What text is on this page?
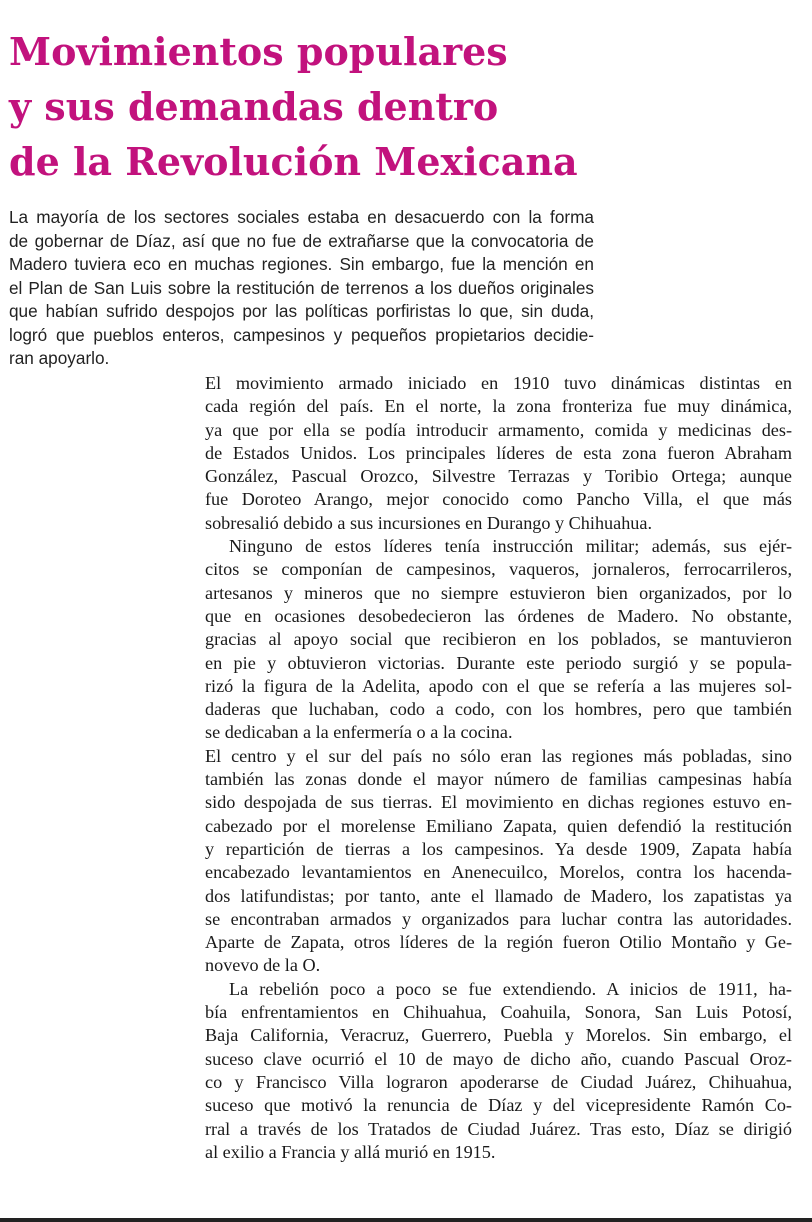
Movimientos populares
y sus demandas dentro
de la Revolución Mexicana
La mayoría de los sectores sociales estaba en desacuerdo con la forma
de gobernar de Díaz, así que no fue de extrañarse que la convocatoria de
Madero tuviera eco en muchas regiones. Sin embargo, fue la mención en
el Plan de San Luis sobre la restitución de terrenos a los dueños originales
que habían sufrido despojos por las políticas porfiristas lo que, sin duda,
logró que pueblos enteros, campesinos y pequeños propietarios decidie-
ran apoyarlo.

El movimiento armado iniciado en 1910 tuvo dinámicas distintas en
cada región del país. En el norte, la zona fronteriza fue muy dinámica,
ya que por ella se podía introducir armamento, comida y medicinas des-
de Estados Unidos. Los principales líderes de esta zona fueron Abraham
González, Pascual Orozco, Silvestre Terrazas y Toribio Ortega; aunque
fue Doroteo Arango, mejor conocido como Pancho Villa, el que más
sobresalió debido a sus incursiones en Durango y Chihuahua.

Ninguno de estos líderes tenía instrucción militar; además, sus ejér-
citos se componían de campesinos, vaqueros, jornaleros, ferrocarrileros,
artesanos y mineros que no siempre estuvieron bien organizados, por lo
que en ocasiones desobedecieron las órdenes de Madero. No obstante,
gracias al apoyo social que recibieron en los poblados, se mantuvieron
en pie y obtuvieron victorias. Durante este periodo surgió y se popula-
rizó la figura de la Adelita, apodo con el que se refería a las mujeres sol-
daderas que luchaban, codo a codo, con los hombres, pero que también
se dedicaban a la enfermería o a la cocina.

El centro y el sur del país no sólo eran las regiones más pobladas, sino
también las zonas donde el mayor número de familias campesinas había
sido despojada de sus tierras. El movimiento en dichas regiones estuvo en-
cabezado por el morelense Emiliano Zapata, quien defendió la restitución
y repartición de tierras a los campesinos. Ya desde 1909, Zapata había
encabezado levantamientos en Anenecuilco, Morelos, contra los hacenda-
dos latifundistas; por tanto, ante el llamado de Madero, los zapatistas ya
se encontraban armados y organizados para luchar contra las autoridades.
Aparte de Zapata, otros líderes de la región fueron Otilio Montaño y Ge-
novevo de la O.

La rebelión poco a poco se fue extendiendo. A inicios de 1911, ha-
bía enfrentamientos en Chihuahua, Coahuila, Sonora, San Luis Potosí,
Baja California, Veracruz, Guerrero, Puebla y Morelos. Sin embargo, el
suceso clave ocurrió el 10 de mayo de dicho año, cuando Pascual Oroz-
co y Francisco Villa lograron apoderarse de Ciudad Juárez, Chihuahua,
suceso que motivó la renuncia de Díaz y del vicepresidente Ramón Co-
rral a través de los Tratados de Ciudad Juárez. Tras esto, Díaz se dirigió
al exilio a Francia y allá murió en 1915.
